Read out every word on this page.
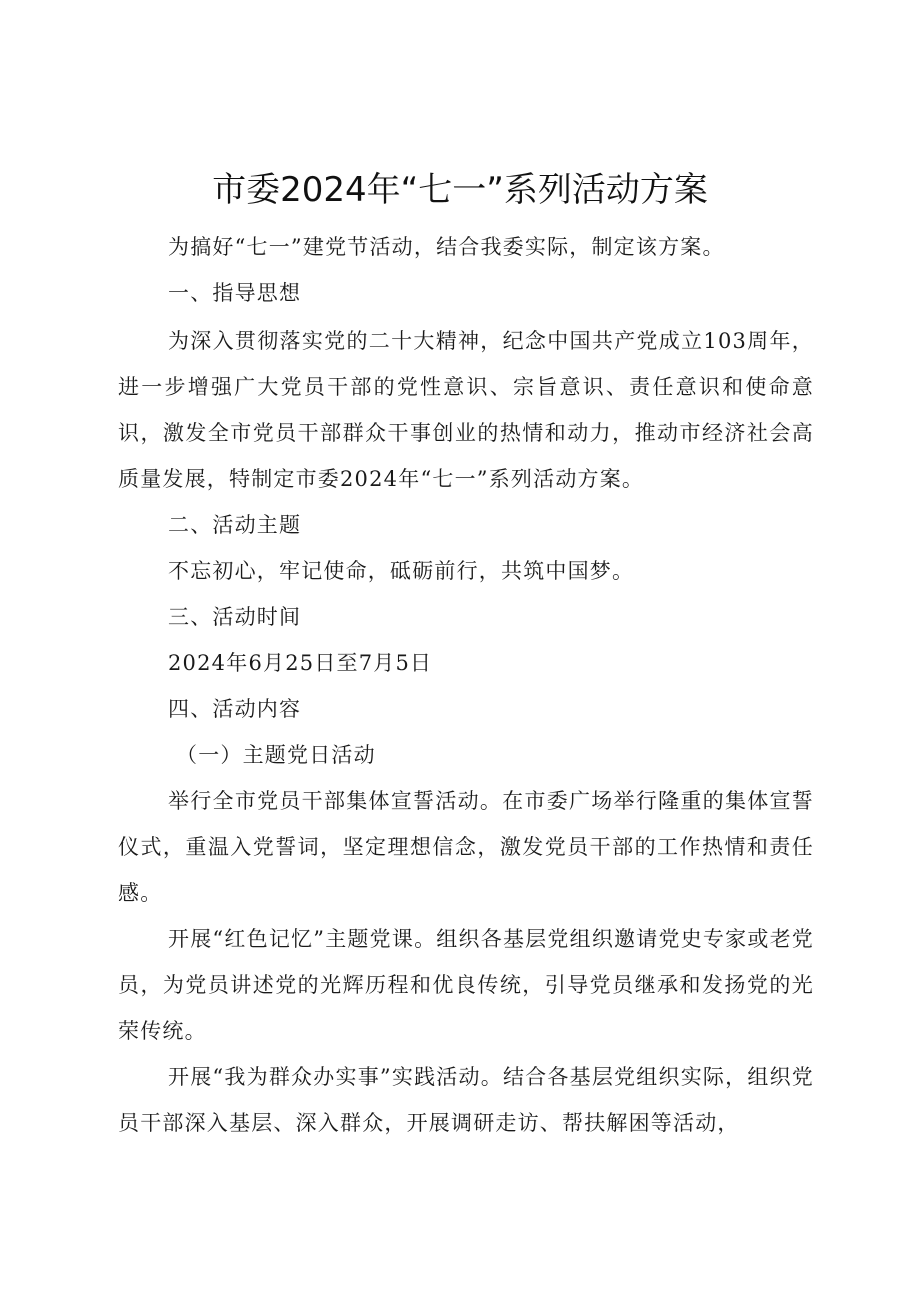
市委2024年“七一”系列活动方案

为搞好“七一”建党节活动，结合我委实际，制定该方案。

一、指导思想

为深入贯彻落实党的二十大精神，纪念中国共产党成立103周年，进一步增强广大党员干部的党性意识、宗旨意识、责任意识和使命意识，激发全市党员干部群众干事创业的热情和动力，推动市经济社会高质量发展，特制定市委2024年“七一”系列活动方案。

二、活动主题

不忘初心，牢记使命，砥砺前行，共筑中国梦。

三、活动时间

2024年6月25日至7月5日

四、活动内容

（一）主题党日活动

举行全市党员干部集体宣誓活动。在市委广场举行隆重的集体宣誓仪式，重温入党誓词，坚定理想信念，激发党员干部的工作热情和责任感。

开展“红色记忆”主题党课。组织各基层党组织邀请党史专家或老党员，为党员讲述党的光辉历程和优良传统，引导党员继承和发扬党的光荣传统。

开展“我为群众办实事”实践活动。结合各基层党组织实际，组织党员干部深入基层、深入群众，开展调研走访、帮扶解困等活动，
